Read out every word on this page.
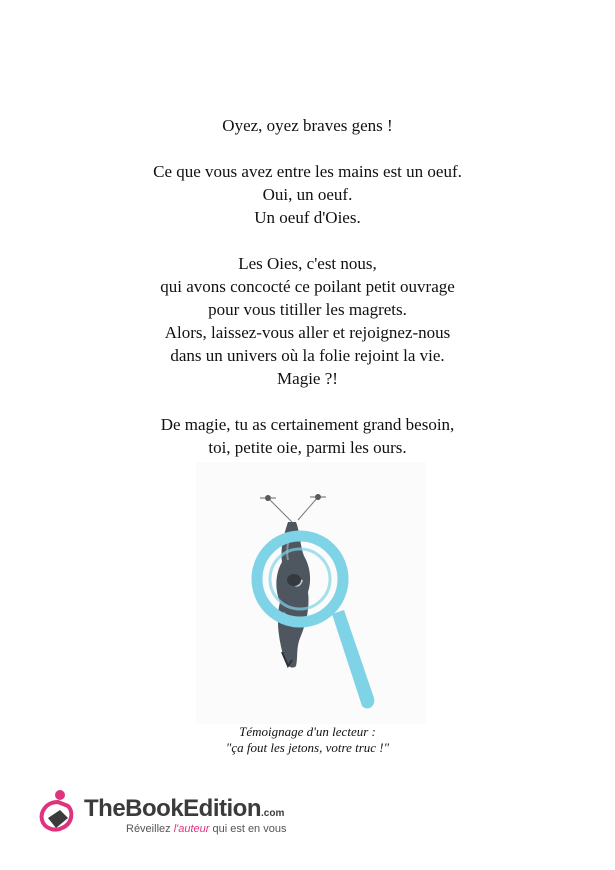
Oyez, oyez braves gens !
Ce que vous avez entre les mains est un oeuf.
Oui, un oeuf.
Un oeuf d'Oies.
Les Oies, c'est nous,
qui avons concocté ce poilant petit ouvrage
pour vous titiller les magrets.
Alors, laissez-vous aller et rejoignez-nous
dans un univers où la folie rejoint la vie.
Magie ?!
De magie, tu as certainement grand besoin,
toi, petite oie, parmi les ours.
Témoignage d'un lecteur :
"ça fout les jetons, votre truc !"
TheBookEdition.com
Réveillez l'auteur qui est en vous
